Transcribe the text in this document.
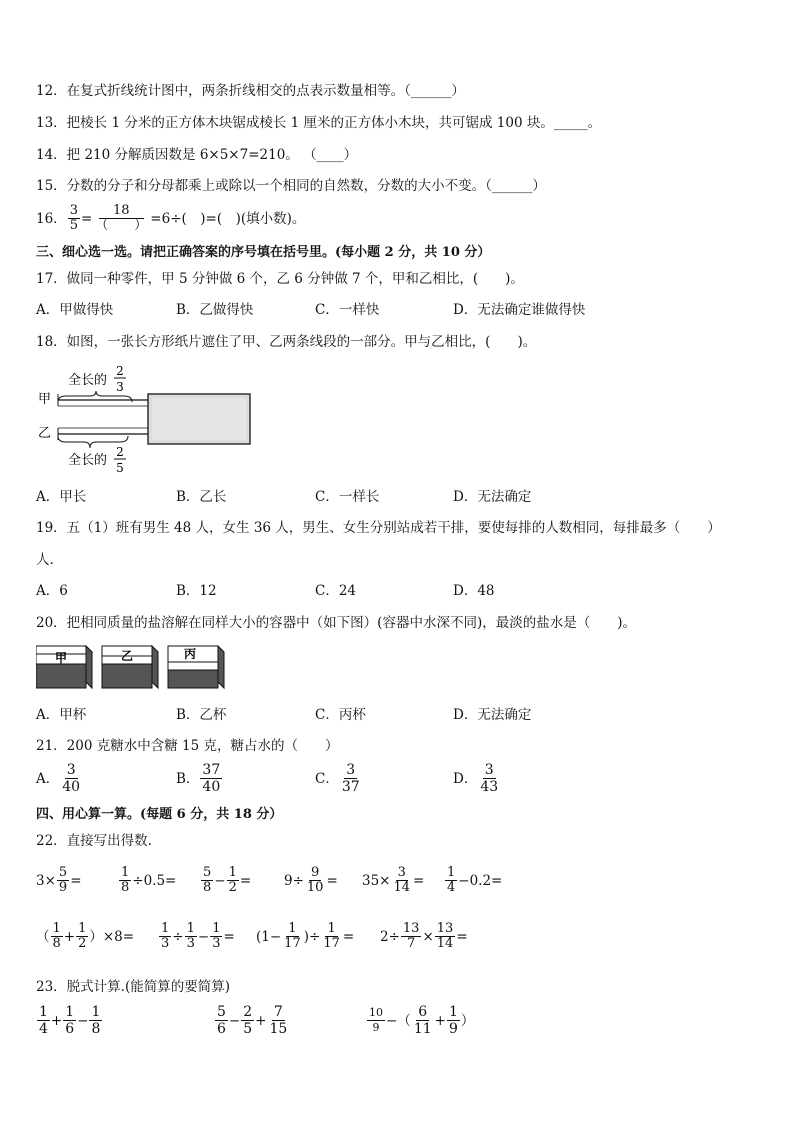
12．在复式折线统计图中，两条折线相交的点表示数量相等。（______）
13．把棱长 1 分米的正方体木块锯成棱长 1 厘米的正方体小木块，共可锯成 100 块。_____。
14．把 210 分解质因数是 6×5×7=210。 （____）
15．分数的分子和分母都乘上或除以一个相同的自然数，分数的大小不变。（______）
16． $\frac{3}{5} = \frac{18}{( )} =6\div$(　)=(　)(填小数)。
三、细心选一选。请把正确答案的序号填在括号里。(每小题 2 分，共 10 分）
17．做同一种零件，甲 5 分钟做 6 个，乙 6 分钟做 7 个，甲和乙相比，(　　)。
A．甲做得快	B．乙做得快	C．一样快	D．无法确定谁做得快
18．如图，一张长方形纸片遮住了甲、乙两条线段的一部分。甲与乙相比，(　　)。
全长的
2
3
甲
乙
全长的
2
5
A．甲长	B．乙长	C．一样长	D．无法确定
19．五（1）班有男生 48 人，女生 36 人，男生、女生分别站成若干排，要使每排的人数相同，每排最多（　　）
人.
A．6	B．12	C．24	D．48
20．把相同质量的盐溶解在同样大小的容器中（如下图）(容器中水深不同)，最淡的盐水是（　　)。
甲	乙	丙
A．甲杯	B．乙杯	C．丙杯	D．无法确定
21．200 克糖水中含糖 15 克，糖占水的（　　）
A． $\frac{3}{40}$	B． $\frac{37}{40}$	C． $\frac{3}{37}$	D． $\frac{3}{43}$
四、用心算一算。(每题 6 分，共 18 分）
22．直接写出得数.
$3\times \frac{5}{9}$ =	$\frac{1}{8} \div 0.5= \frac{5}{8} - \frac{1}{2} = 9\div \frac{9}{10} = 35\times \frac{3}{14} = \frac{1}{4} -0.2=$
（ $\frac{1}{8} + \frac{1}{2} )\times 8= \frac{1}{3} \div \frac{1}{3} - \frac{1}{3} = (1- \frac{1}{17}$ )÷ $\frac{1}{17} = 2\div \frac{13}{7} \times \frac{13}{14}$ =
23．脱式计算.(能简算的要简算)
$\frac{1}{4} + \frac{1}{6} - \frac{1}{8}$	$\frac{5}{6} - \frac{2}{5} + \frac{7}{15}$	$\frac{10}{9}$ −（ $\frac{6}{11} + \frac{1}{9}$ ）
